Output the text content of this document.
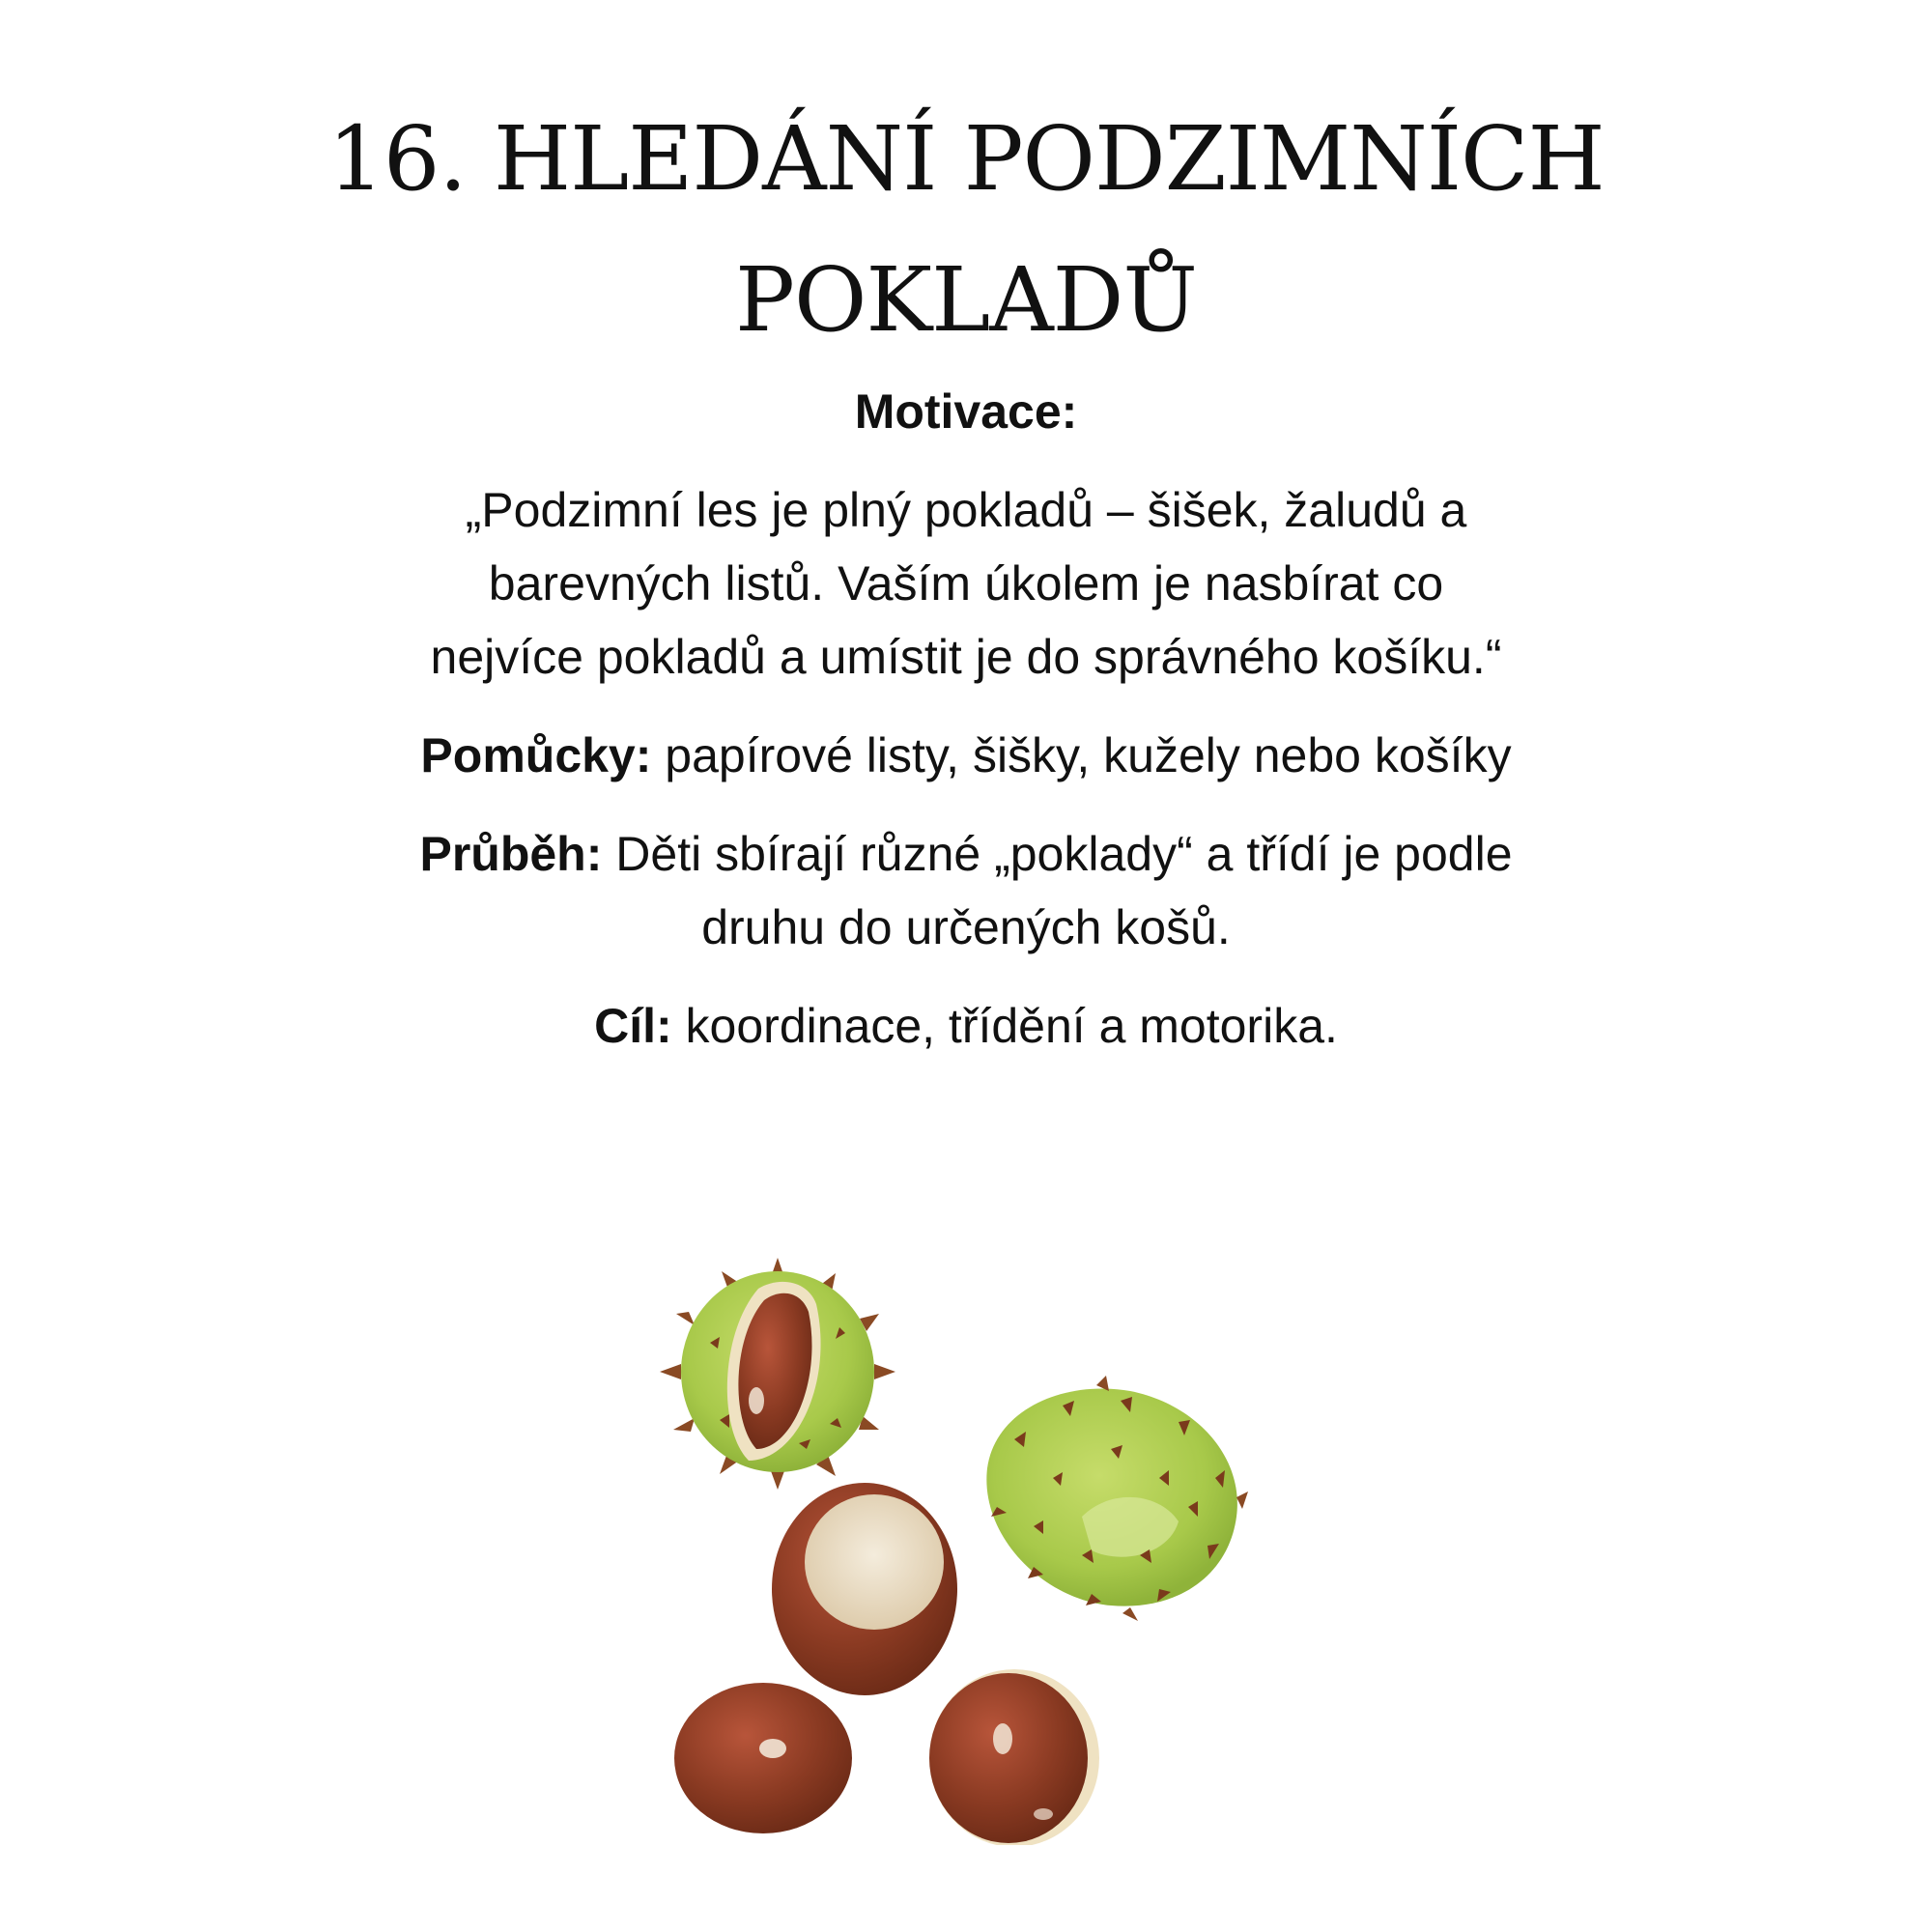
16. HLEDÁNÍ PODZIMNÍCH
POKLADŮ

Motivace:

„Podzimní les je plný pokladů – šišek, žaludů a barevných listů. Vaším úkolem je nasbírat co nejvíce pokladů a umístit je do správného košíku.“

Pomůcky: papírové listy, šišky, kužely nebo košíky

Průběh: Děti sbírají různé „poklady“ a třídí je podle druhu do určených košů.

Cíl: koordinace, třídění a motorika.
